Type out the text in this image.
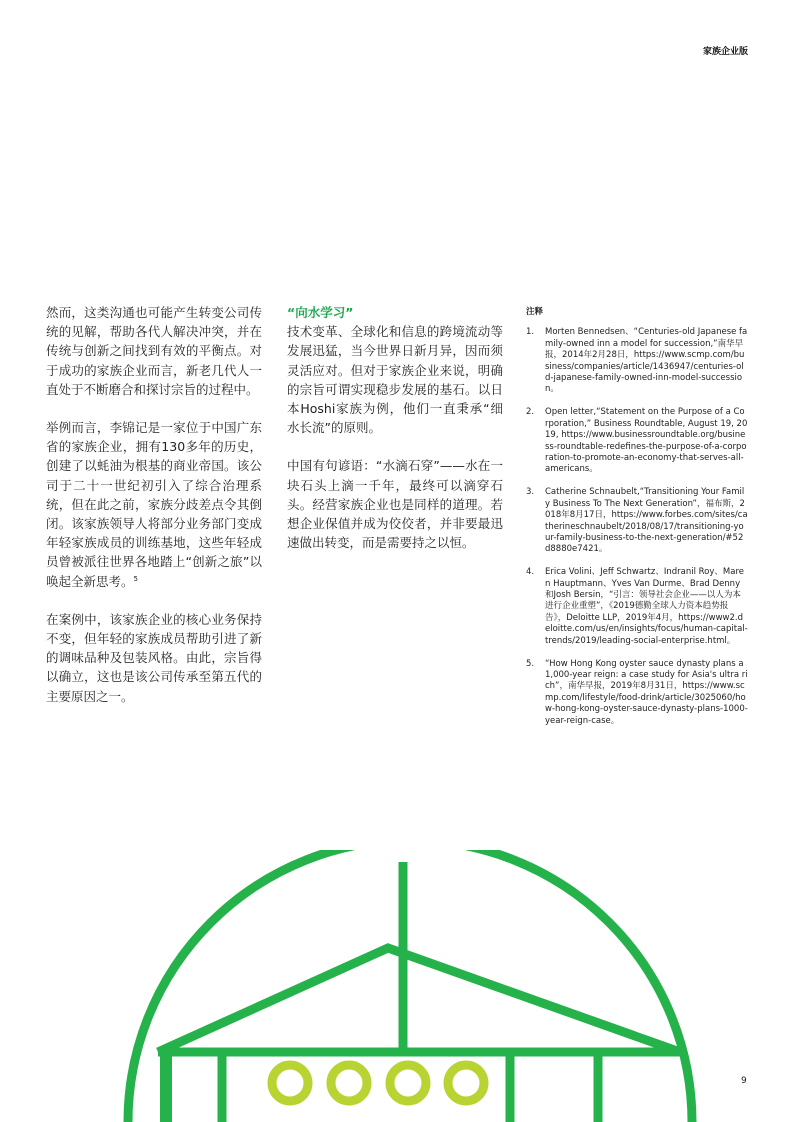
家族企业版

然而，这类沟通也可能产生转变公司传统的见解，帮助各代人解决冲突，并在传统与创新之间找到有效的平衡点。对于成功的家族企业而言，新老几代人一直处于不断磨合和探讨宗旨的过程中。

举例而言，李锦记是一家位于中国广东省的家族企业，拥有130多年的历史，创建了以蚝油为根基的商业帝国。该公司于二十一世纪初引入了综合治理系统，但在此之前，家族分歧差点令其倒闭。该家族领导人将部分业务部门变成年轻家族成员的训练基地，这些年轻成员曾被派往世界各地踏上“创新之旅”以唤起全新思考。$^5$

在案例中，该家族企业的核心业务保持不变，但年轻的家族成员帮助引进了新的调味品种及包装风格。由此，宗旨得以确立，这也是该公司传承至第五代的主要原因之一。

“向水学习”

技术变革、全球化和信息的跨境流动等发展迅猛，当今世界日新月异，因而须灵活应对。但对于家族企业来说，明确的宗旨可谓实现稳步发展的基石。以日本Hoshi家族为例，他们一直秉承“细水长流”的原则。

中国有句谚语：“水滴石穿”——水在一块石头上滴一千年，最终可以滴穿石头。经营家族企业也是同样的道理。若想企业保值并成为佼佼者，并非要最迅速做出转变，而是需要持之以恒。

注释
1.	Morten Bennedsen、“Centuries-old Japanese family-owned inn a model for succession,”南华早报，2014年2月28日，https://www.scmp.com/business/companies/article/1436947/centuries-old-japanese-family-owned-inn-model-succession。
2.	Open letter,“Statement on the Purpose of a Corporation,” Business Roundtable, August 19, 2019, https://www.businessroundtable.org/business-roundtable-redefines-the-purpose-of-a-corporation-to-promote-an-economy-that-serves-all-americans。
3.	Catherine Schnaubelt,“Transitioning Your Family Business To The Next Generation”，福布斯，2018年8月17日，https://www.forbes.com/sites/catherineschnaubelt/2018/08/17/transitioning-your-family-business-to-the-next-generation/#52d8880e7421。
4.	Erica Volini、Jeff Schwartz、Indranil Roy、Maren Hauptmann、Yves Van Durme、Brad Denny和Josh Bersin，“引言：领导社会企业——以人为本进行企业重塑”，《2019德勤全球人力资本趋势报告》，Deloitte LLP，2019年4月，https://www2.deloitte.com/us/en/insights/focus/human-capital-trends/2019/leading-social-enterprise.html。
5.	“How Hong Kong oyster sauce dynasty plans a 1,000-year reign: a case study for Asia's ultra rich”，南华早报，2019年8月31日，https://www.scmp.com/lifestyle/food-drink/article/3025060/how-hong-kong-oyster-sauce-dynasty-plans-1000-year-reign-case。
9
